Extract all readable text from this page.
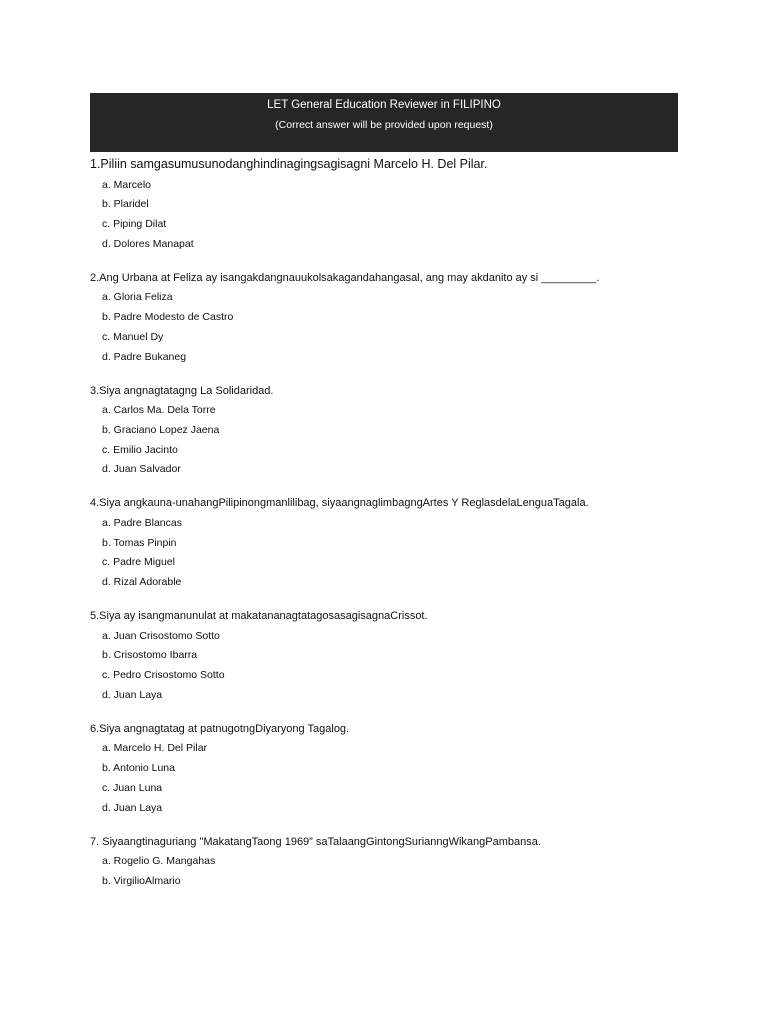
LET General Education Reviewer in FILIPINO
(Correct answer will be provided upon request)
1.Piliin samgasumusunodanghindinagingsagisagni Marcelo H. Del Pilar.
a. Marcelo
b. Plaridel
c. Piping Dilat
d. Dolores Manapat
2.Ang Urbana at Feliza ay isangakdangnauukolsakagandahangasal, ang may akdanito ay si _________.
a. Gloria Feliza
b. Padre Modesto de Castro
c. Manuel Dy
d. Padre Bukaneg
3.Siya angnagtatagng La Solidaridad.
a. Carlos Ma. Dela Torre
b. Graciano Lopez Jaena
c. Emilio Jacinto
d. Juan Salvador
4.Siya angkauna-unahangPilipinongmanlilibag, siyaangnaglimbagngArtes Y ReglasdelaLenguaTagala.
a. Padre Blancas
b. Tomas Pinpin
c. Padre Miguel
d. Rizal Adorable
5.Siya ay isangmanunulat at makatananagtatagosasagisagnaCrissot.
a. Juan Crisostomo Sotto
b. Crisostomo Ibarra
c. Pedro Crisostomo Sotto
d. Juan Laya
6.Siya angnagtatag at patnugotngDiyaryong Tagalog.
a. Marcelo H. Del Pilar
b. Antonio Luna
c. Juan Luna
d. Juan Laya
7. Siyaangtinaguriang "MakatangTaong 1969” saTalaangGintongSurianngWikangPambansa.
a. Rogelio G. Mangahas
b. VirgilioAlmario
